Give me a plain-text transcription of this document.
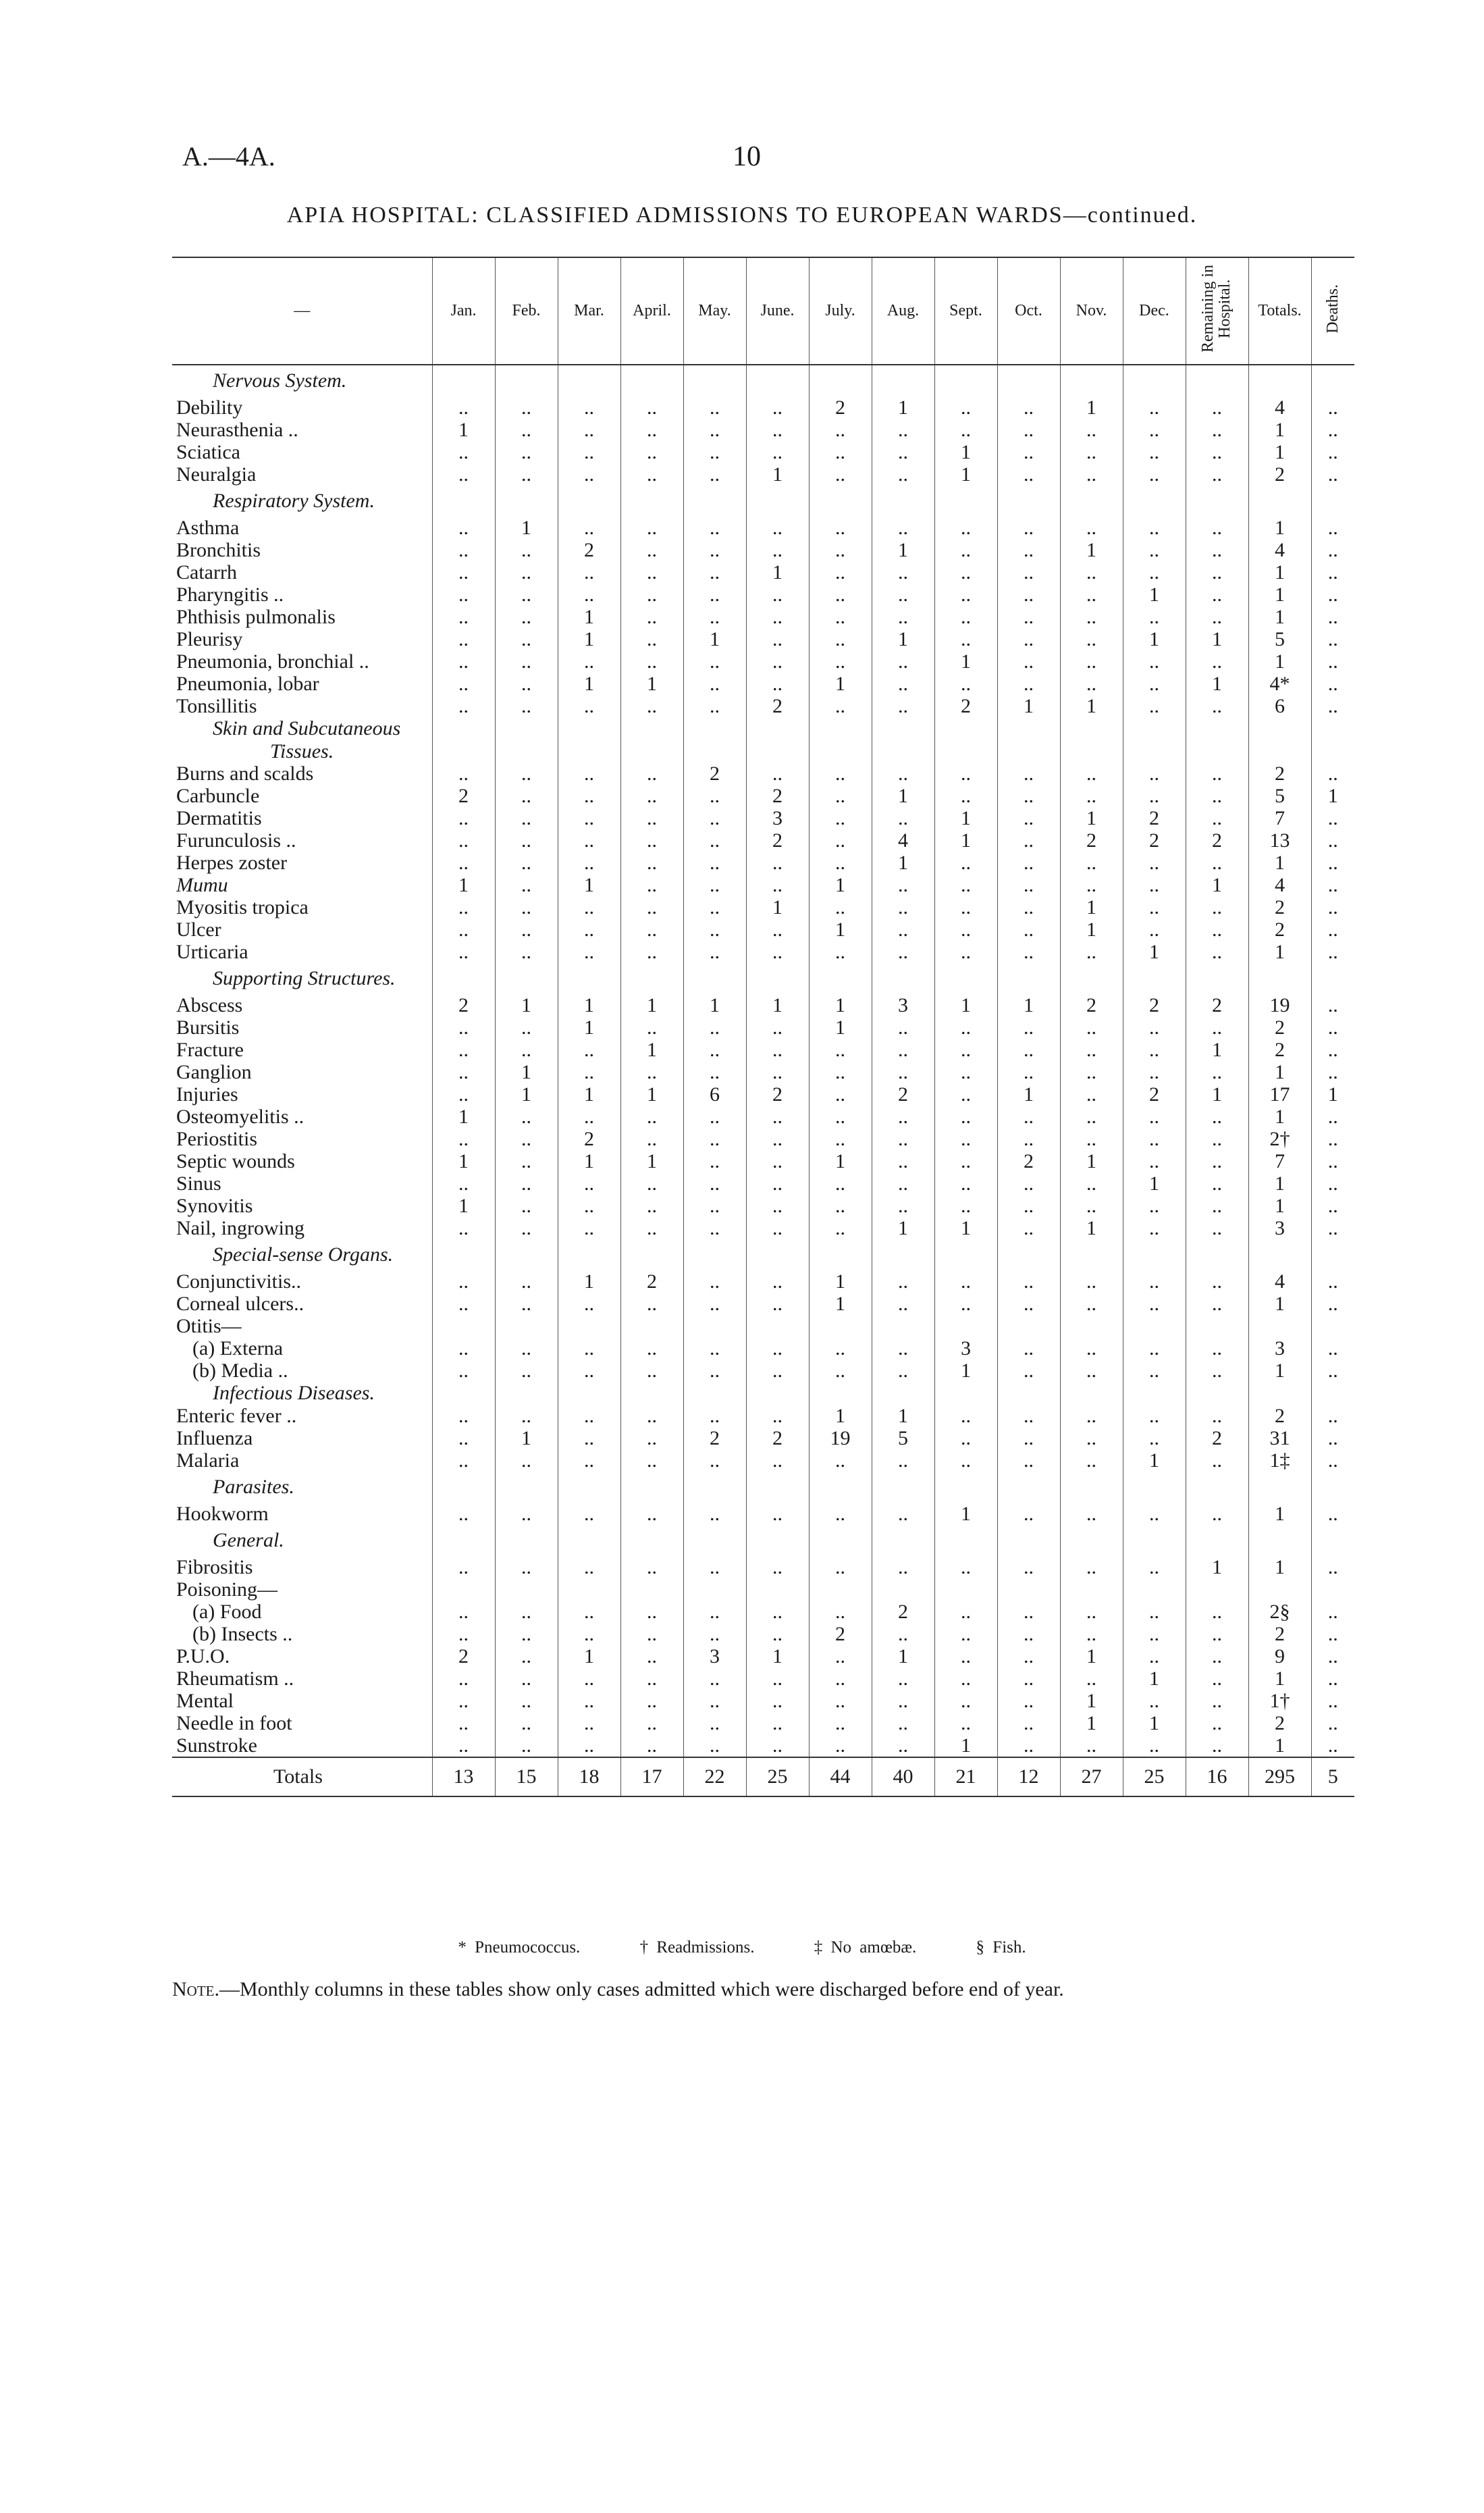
A.—4A.	10
APIA HOSPITAL: CLASSIFIED ADMISSIONS TO EUROPEAN WARDS—continued.
—	Jan.	Feb.	Mar.	April.	May.	June.	July.	Aug.	Sept.	Oct.	Nov.	Dec.	Remaining in Hospital.	Totals.	Deaths.
Nervous System.															
Debility	..	..	..	..	..	..	2	1	..	..	1	..	..	4	..
Neurasthenia ..	1	..	..	..	..	..	..	..	..	..	..	..	..	1	..
Sciatica	..	..	..	..	..	..	..	..	1	..	..	..	..	1	..
Neuralgia	..	..	..	..	..	1	..	..	1	..	..	..	..	2	..
Respiratory System.															
Asthma	..	1	..	..	..	..	..	..	..	..	..	..	..	1	..
Bronchitis	..	..	2	..	..	..	..	1	..	..	1	..	..	4	..
Catarrh	..	..	..	..	..	1	..	..	..	..	..	..	..	1	..
Pharyngitis ..	..	..	..	..	..	..	..	..	..	..	..	1	..	1	..
Phthisis pulmonalis	..	..	1	..	..	..	..	..	..	..	..	..	..	1	..
Pleurisy	..	..	1	..	1	..	..	1	..	..	..	1	1	5	..
Pneumonia, bronchial ..	..	..	..	..	..	..	..	..	1	..	..	..	..	1	..
Pneumonia, lobar	..	..	1	1	..	..	1	..	..	..	..	..	1	4*	..
Tonsillitis	..	..	..	..	..	2	..	..	2	1	1	..	..	6	..
Skin and Subcutaneous															
Tissues.															
Burns and scalds	..	..	..	..	2	..	..	..	..	..	..	..	..	2	..
Carbuncle	2	..	..	..	..	2	..	1	..	..	..	..	..	5	1
Dermatitis	..	..	..	..	..	3	..	..	1	..	1	2	..	7	..
Furunculosis ..	..	..	..	..	..	2	..	4	1	..	2	2	2	13	..
Herpes zoster	..	..	..	..	..	..	..	1	..	..	..	..	..	1	..
Mumu	1	..	1	..	..	..	1	..	..	..	..	..	1	4	..
Myositis tropica	..	..	..	..	..	1	..	..	..	..	1	..	..	2	..
Ulcer	..	..	..	..	..	..	1	..	..	..	1	..	..	2	..
Urticaria	..	..	..	..	..	..	..	..	..	..	..	1	..	1	..
Supporting Structures.															
Abscess	2	1	1	1	1	1	1	3	1	1	2	2	2	19	..
Bursitis	..	..	1	..	..	..	1	..	..	..	..	..	..	2	..
Fracture	..	..	..	1	..	..	..	..	..	..	..	..	1	2	..
Ganglion	..	1	..	..	..	..	..	..	..	..	..	..	..	1	..
Injuries	..	1	1	1	6	2	..	2	..	1	..	2	1	17	1
Osteomyelitis ..	1	..	..	..	..	..	..	..	..	..	..	..	..	1	..
Periostitis	..	..	2	..	..	..	..	..	..	..	..	..	..	2†	..
Septic wounds	1	..	1	1	..	..	1	..	..	2	1	..	..	7	..
Sinus	..	..	..	..	..	..	..	..	..	..	..	1	..	1	..
Synovitis	1	..	..	..	..	..	..	..	..	..	..	..	..	1	..
Nail, ingrowing	..	..	..	..	..	..	..	1	1	..	1	..	..	3	..
Special-sense Organs.															
Conjunctivitis..	..	..	1	2	..	..	1	..	..	..	..	..	..	4	..
Corneal ulcers..	..	..	..	..	..	..	1	..	..	..	..	..	..	1	..
Otitis—															
(a) Externa	..	..	..	..	..	..	..	..	3	..	..	..	..	3	..
(b) Media ..	..	..	..	..	..	..	..	..	1	..	..	..	..	1	..
Infectious Diseases.															
Enteric fever ..	..	..	..	..	..	..	1	1	..	..	..	..	..	2	..
Influenza	..	1	..	..	2	2	19	5	..	..	..	..	2	31	..
Malaria	..	..	..	..	..	..	..	..	..	..	..	1	..	1‡	..
Parasites.															
Hookworm	..	..	..	..	..	..	..	..	1	..	..	..	..	1	..
General.															
Fibrositis	..	..	..	..	..	..	..	..	..	..	..	..	1	1	..
Poisoning—															
(a) Food	..	..	..	..	..	..	..	2	..	..	..	..	..	2§	..
(b) Insects ..	..	..	..	..	..	..	2	..	..	..	..	..	..	2	..
P.U.O.	2	..	1	..	3	1	..	1	..	..	1	..	..	9	..
Rheumatism ..	..	..	..	..	..	..	..	..	..	..	..	1	..	1	..
Mental	..	..	..	..	..	..	..	..	..	..	1	..	..	1†	..
Needle in foot	..	..	..	..	..	..	..	..	..	..	1	1	..	2	..
Sunstroke	..	..	..	..	..	..	..	..	1	..	..	..	..	1	..
Totals	13	15	18	17	22	25	44	40	21	12	27	25	16	295	5
* Pneumococcus.	† Readmissions.	‡ No amœbæ.	§ Fish.
Note.—Monthly columns in these tables show only cases admitted which were discharged before end of year.
